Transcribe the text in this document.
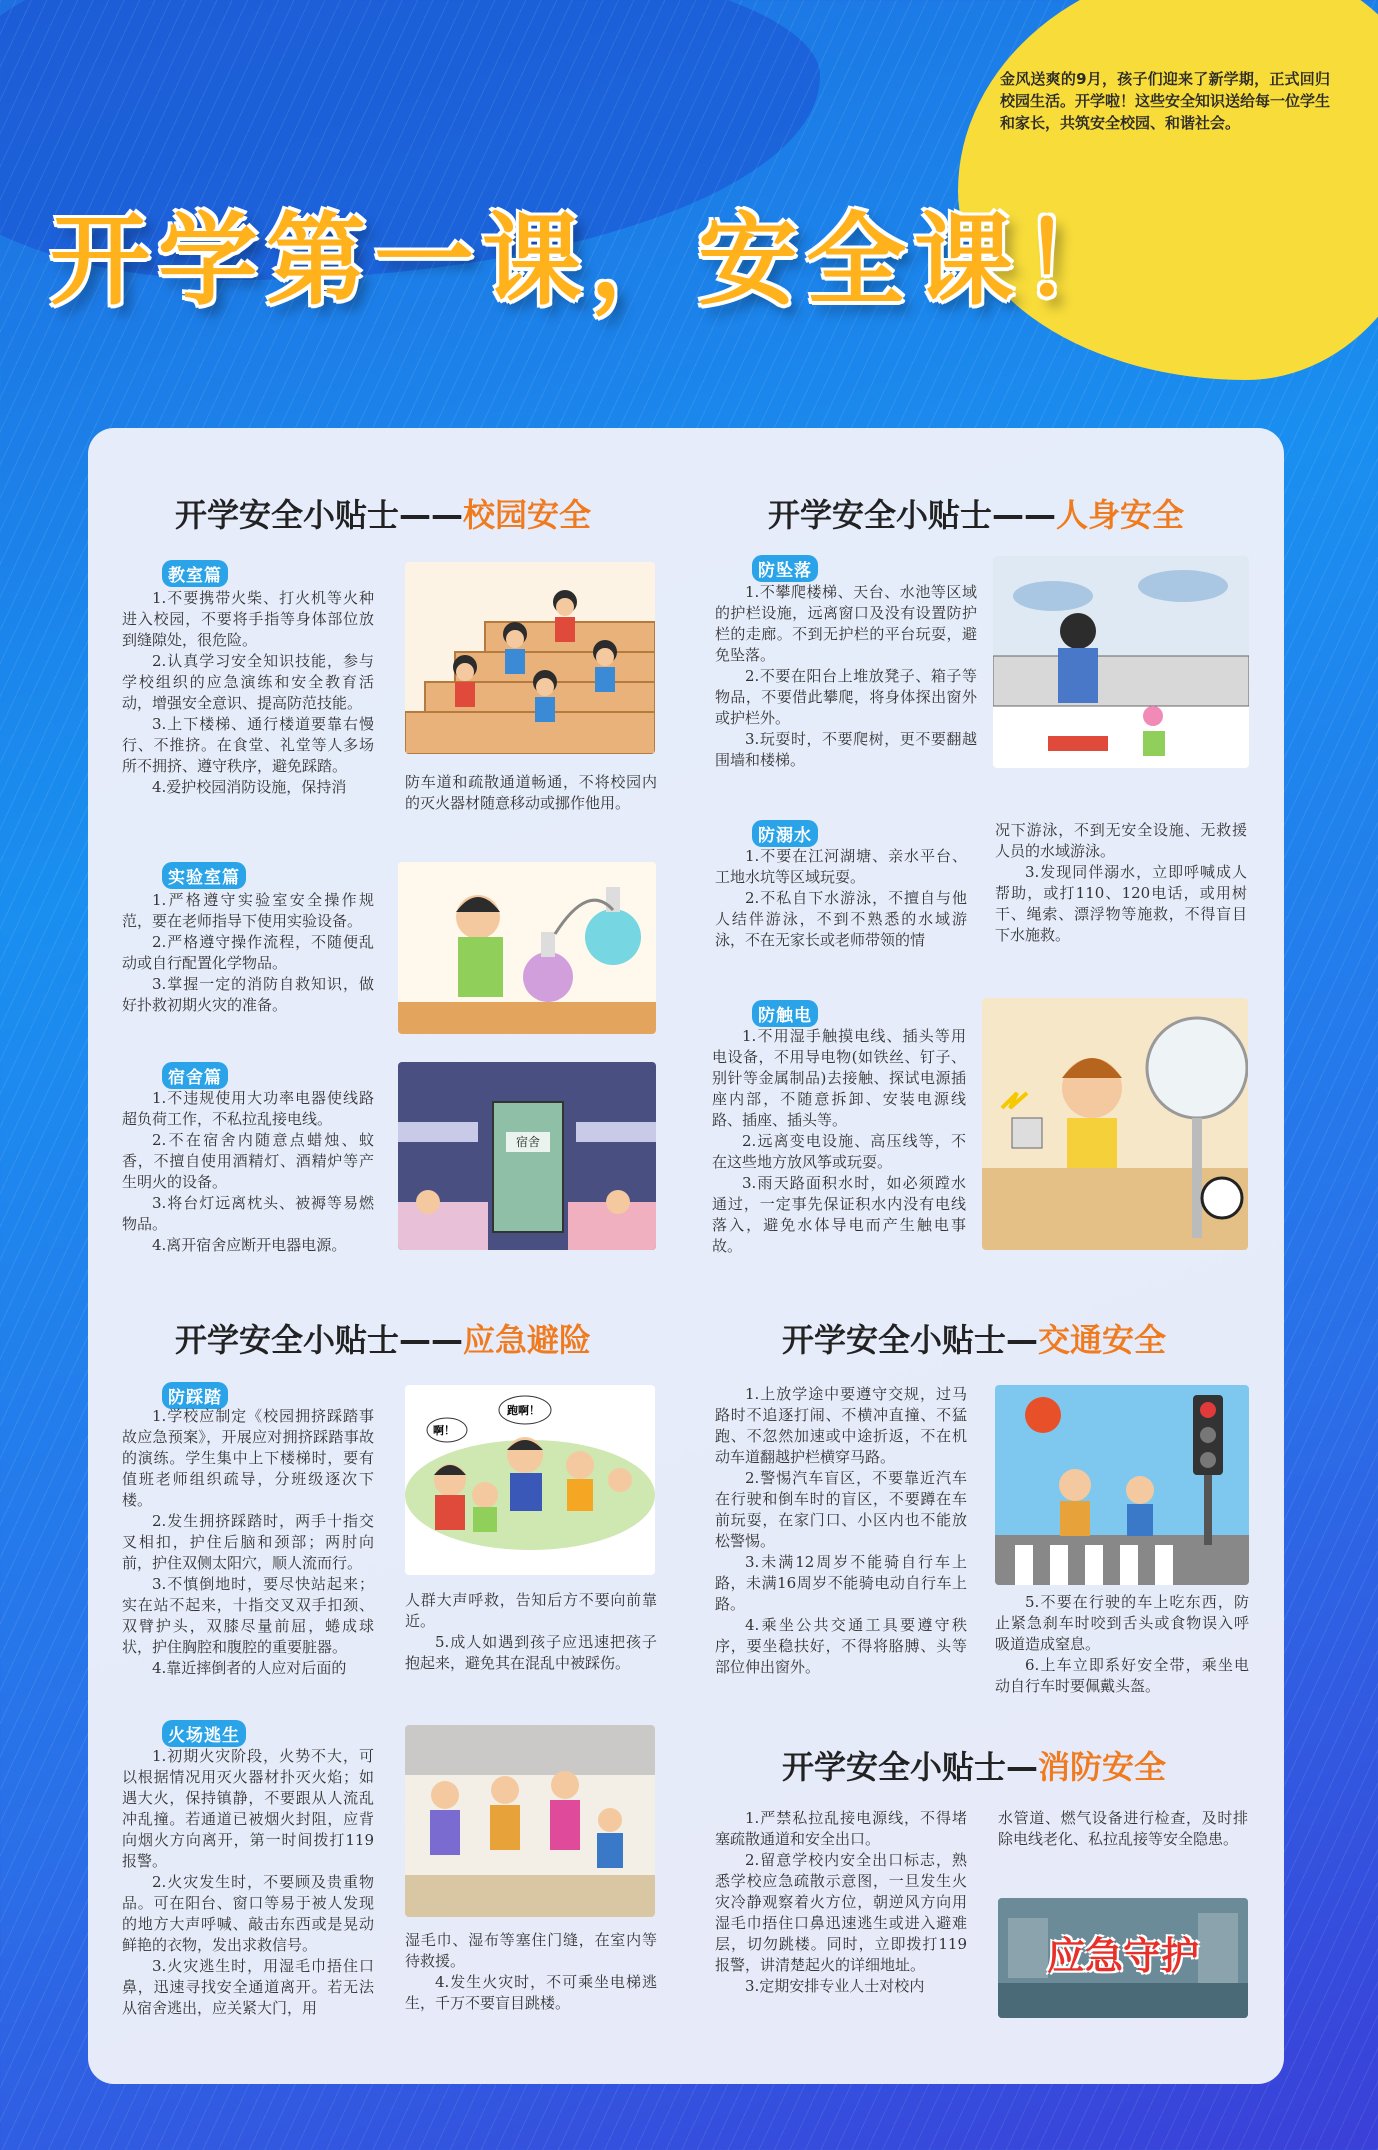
金风送爽的9月，孩子们迎来了新学期，正式回归校园生活。开学啦！这些安全知识送给每一位学生和家长，共筑安全校园、和谐社会。
开学第一课，安全课！
开学安全小贴士——校园安全
教室篇

1.不要携带火柴、打火机等火种进入校园，不要将手指等身体部位放到缝隙处，很危险。

2.认真学习安全知识技能，参与学校组织的应急演练和安全教育活动，增强安全意识、提高防范技能。

3.上下楼梯、通行楼道要靠右慢行、不推挤。在食堂、礼堂等人多场所不拥挤、遵守秩序，避免踩踏。

4.爱护校园消防设施，保持消	防车道和疏散通道畅通，不将校园内的灭火器材随意移动或挪作他用。

实验室篇

1.严格遵守实验室安全操作规范，要在老师指导下使用实验设备。

2.严格遵守操作流程，不随便乱动或自行配置化学物品。

3.掌握一定的消防自救知识，做好扑救初期火灾的准备。

宿舍篇

1.不违规使用大功率电器使线路超负荷工作，不私拉乱接电线。

2.不在宿舍内随意点蜡烛、蚊香，不擅自使用酒精灯、酒精炉等产生明火的设备。

3.将台灯远离枕头、被褥等易燃物品。

4.离开宿舍应断开电器电源。

宿舍
开学安全小贴士——人身安全
防坠落

1.不攀爬楼梯、天台、水池等区域的护栏设施，远离窗口及没有设置防护栏的走廊。不到无护栏的平台玩耍，避免坠落。

2.不要在阳台上堆放凳子、箱子等物品，不要借此攀爬，将身体探出窗外或护栏外。

3.玩耍时，不要爬树，更不要翻越围墙和楼梯。

防溺水

1.不要在江河湖塘、亲水平台、工地水坑等区域玩耍。

2.不私自下水游泳，不擅自与他人结伴游泳，不到不熟悉的水域游泳，不在无家长或老师带领的情

况下游泳，不到无安全设施、无救援人员的水域游泳。

3.发现同伴溺水，立即呼喊成人帮助，或打110、120电话，或用树干、绳索、漂浮物等施救，不得盲目下水施救。

防触电

1.不用湿手触摸电线、插头等用电设备，不用导电物(如铁丝、钉子、别针等金属制品)去接触、探试电源插座内部，不随意拆卸、安装电源线路、插座、插头等。

2.远离变电设施、高压线等，不在这些地方放风筝或玩耍。

3.雨天路面积水时，如必须蹚水通过，一定事先保证积水内没有电线落入，避免水体导电而产生触电事故。

开学安全小贴士——应急避险
防踩踏

1.学校应制定《校园拥挤踩踏事故应急预案》，开展应对拥挤踩踏事故的演练。学生集中上下楼梯时，要有值班老师组织疏导，分班级逐次下楼。

2.发生拥挤踩踏时，两手十指交叉相扣，护住后脑和颈部；两肘向前，护住双侧太阳穴，顺人流而行。

3.不慎倒地时，要尽快站起来；实在站不起来，十指交叉双手扣颈、双臂护头，双膝尽量前屈，蜷成球状，护住胸腔和腹腔的重要脏器。

4.靠近摔倒者的人应对后面的

啊！
跑啊！

人群大声呼救，告知后方不要向前靠近。

5.成人如遇到孩子应迅速把孩子抱起来，避免其在混乱中被踩伤。

火场逃生

1.初期火灾阶段，火势不大，可以根据情况用灭火器材扑灭火焰；如遇大火，保持镇静，不要跟从人流乱冲乱撞。若通道已被烟火封阻，应背向烟火方向离开，第一时间拨打119报警。

2.火灾发生时，不要顾及贵重物品。可在阳台、窗口等易于被人发现的地方大声呼喊、敲击东西或是晃动鲜艳的衣物，发出求救信号。

3.火灾逃生时，用湿毛巾捂住口鼻，迅速寻找安全通道离开。若无法从宿舍逃出，应关紧大门，用

湿毛巾、湿布等塞住门缝，在室内等待救援。

4.发生火灾时，不可乘坐电梯逃生，千万不要盲目跳楼。

开学安全小贴士—交通安全

1.上放学途中要遵守交规，过马路时不追逐打闹、不横冲直撞、不猛跑、不忽然加速或中途折返，不在机动车道翻越护栏横穿马路。

2.警惕汽车盲区，不要靠近汽车在行驶和倒车时的盲区，不要蹲在车前玩耍，在家门口、小区内也不能放松警惕。

3.未满12周岁不能骑自行车上路，未满16周岁不能骑电动自行车上路。

4.乘坐公共交通工具要遵守秩序，要坐稳扶好，不得将胳膊、头等部位伸出窗外。

5.不要在行驶的车上吃东西，防止紧急刹车时咬到舌头或食物误入呼吸道造成窒息。

6.上车立即系好安全带，乘坐电动自行车时要佩戴头盔。

开学安全小贴士—消防安全

1.严禁私拉乱接电源线，不得堵塞疏散通道和安全出口。

2.留意学校内安全出口标志，熟悉学校应急疏散示意图，一旦发生火灾冷静观察着火方位，朝逆风方向用湿毛巾捂住口鼻迅速逃生或进入避难层，切勿跳楼。同时，立即拨打119报警，讲清楚起火的详细地址。

3.定期安排专业人士对校内

水管道、燃气设备进行检查，及时排除电线老化、私拉乱接等安全隐患。

应急守护
